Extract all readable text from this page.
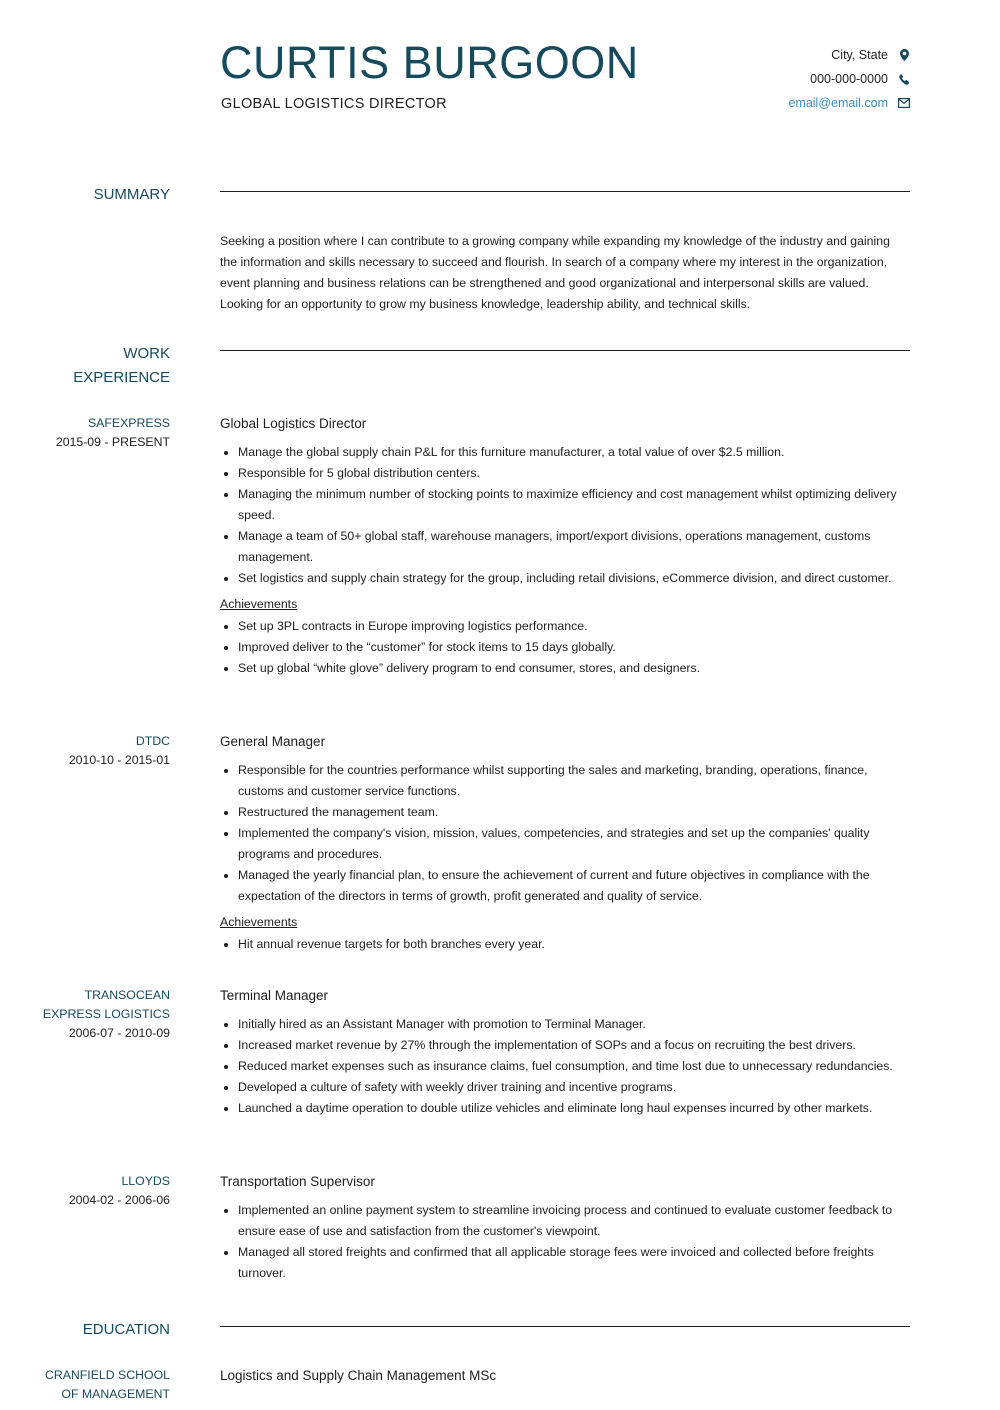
CURTIS BURGOON
GLOBAL LOGISTICS DIRECTOR
City, State
000-000-0000
email@email.com
SUMMARY

Seeking a position where I can contribute to a growing company while expanding my knowledge of the industry and gaining the information and skills necessary to succeed and flourish. In search of a company where my interest in the organization, event planning and business relations can be strengthened and good organizational and interpersonal skills are valued. Looking for an opportunity to grow my business knowledge, leadership ability, and technical skills.

WORK
EXPERIENCE
SAFEXPRESS
2015-09 - PRESENT
Global Logistics Director
• Manage the global supply chain P&L for this furniture manufacturer, a total value of over $2.5 million.
• Responsible for 5 global distribution centers.
• Managing the minimum number of stocking points to maximize efficiency and cost management whilst optimizing delivery speed.
• Manage a team of 50+ global staff, warehouse managers, import/export divisions, operations management, customs management.
• Set logistics and supply chain strategy for the group, including retail divisions, eCommerce division, and direct customer.
Achievements
• Set up 3PL contracts in Europe improving logistics performance.
• Improved deliver to the “customer” for stock items to 15 days globally.
• Set up global “white glove” delivery program to end consumer, stores, and designers.
DTDC
2010-10 - 2015-01
General Manager
• Responsible for the countries performance whilst supporting the sales and marketing, branding, operations, finance, customs and customer service functions.
• Restructured the management team.
• Implemented the company's vision, mission, values, competencies, and strategies and set up the companies' quality programs and procedures.
• Managed the yearly financial plan, to ensure the achievement of current and future objectives in compliance with the expectation of the directors in terms of growth, profit generated and quality of service.
Achievements
• Hit annual revenue targets for both branches every year.
TRANSOCEAN
EXPRESS LOGISTICS
2006-07 - 2010-09
Terminal Manager
• Initially hired as an Assistant Manager with promotion to Terminal Manager.
• Increased market revenue by 27% through the implementation of SOPs and a focus on recruiting the best drivers.
• Reduced market expenses such as insurance claims, fuel consumption, and time lost due to unnecessary redundancies.
• Developed a culture of safety with weekly driver training and incentive programs.
• Launched a daytime operation to double utilize vehicles and eliminate long haul expenses incurred by other markets.
LLOYDS
2004-02 - 2006-06
Transportation Supervisor
• Implemented an online payment system to streamline invoicing process and continued to evaluate customer feedback to ensure ease of use and satisfaction from the customer's viewpoint.
• Managed all stored freights and confirmed that all applicable storage fees were invoiced and collected before freights turnover.
EDUCATION
CRANFIELD SCHOOL
OF MANAGEMENT
Logistics and Supply Chain Management MSc
